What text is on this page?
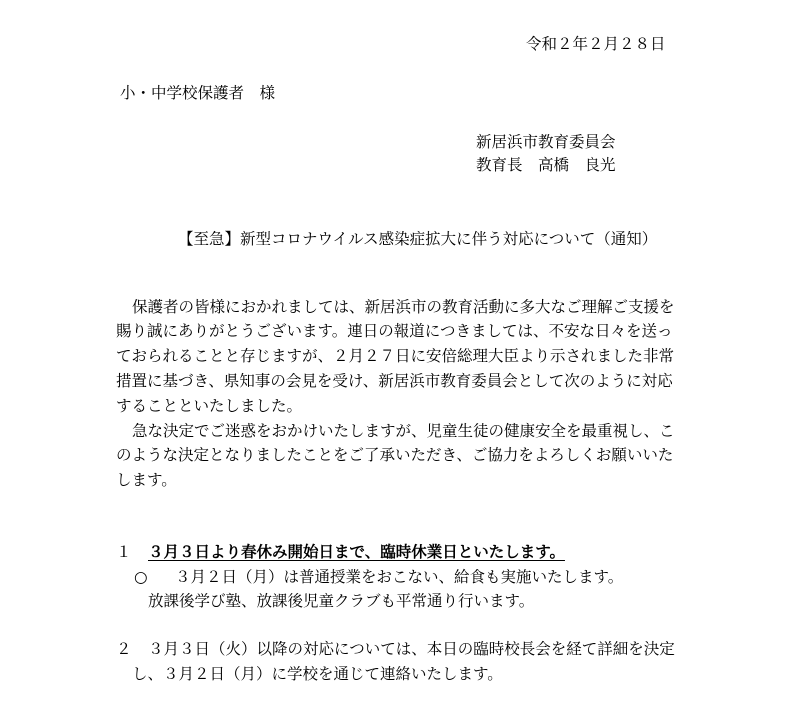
令和２年２月２８日
小・中学校保護者　様
新居浜市教育委員会
教育長　高橋　良光
【至急】新型コロナウイルス感染症拡大に伴う対応について（通知）
保護者の皆様におかれましては、新居浜市の教育活動に多大なご理解ご支援を
賜り誠にありがとうございます。連日の報道につきましては、不安な日々を送っ
ておられることと存じますが、２月２７日に安倍総理大臣より示されました非常
措置に基づき、県知事の会見を受け、新居浜市教育委員会として次のように対応
することといたしました。
急な決定でご迷惑をおかけいたしますが、児童生徒の健康安全を最重視し、こ
のような決定となりましたことをご了承いただき、ご協力をよろしくお願いいた
します。
１ ３月３日より春休み開始日まで、臨時休業日といたします。
○ ３月２日（月）は普通授業をおこない、給食も実施いたします。
放課後学び塾、放課後児童クラブも平常通り行います。
２ ３月３日（火）以降の対応については、本日の臨時校長会を経て詳細を決定
し、３月２日（月）に学校を通じて連絡いたします。
